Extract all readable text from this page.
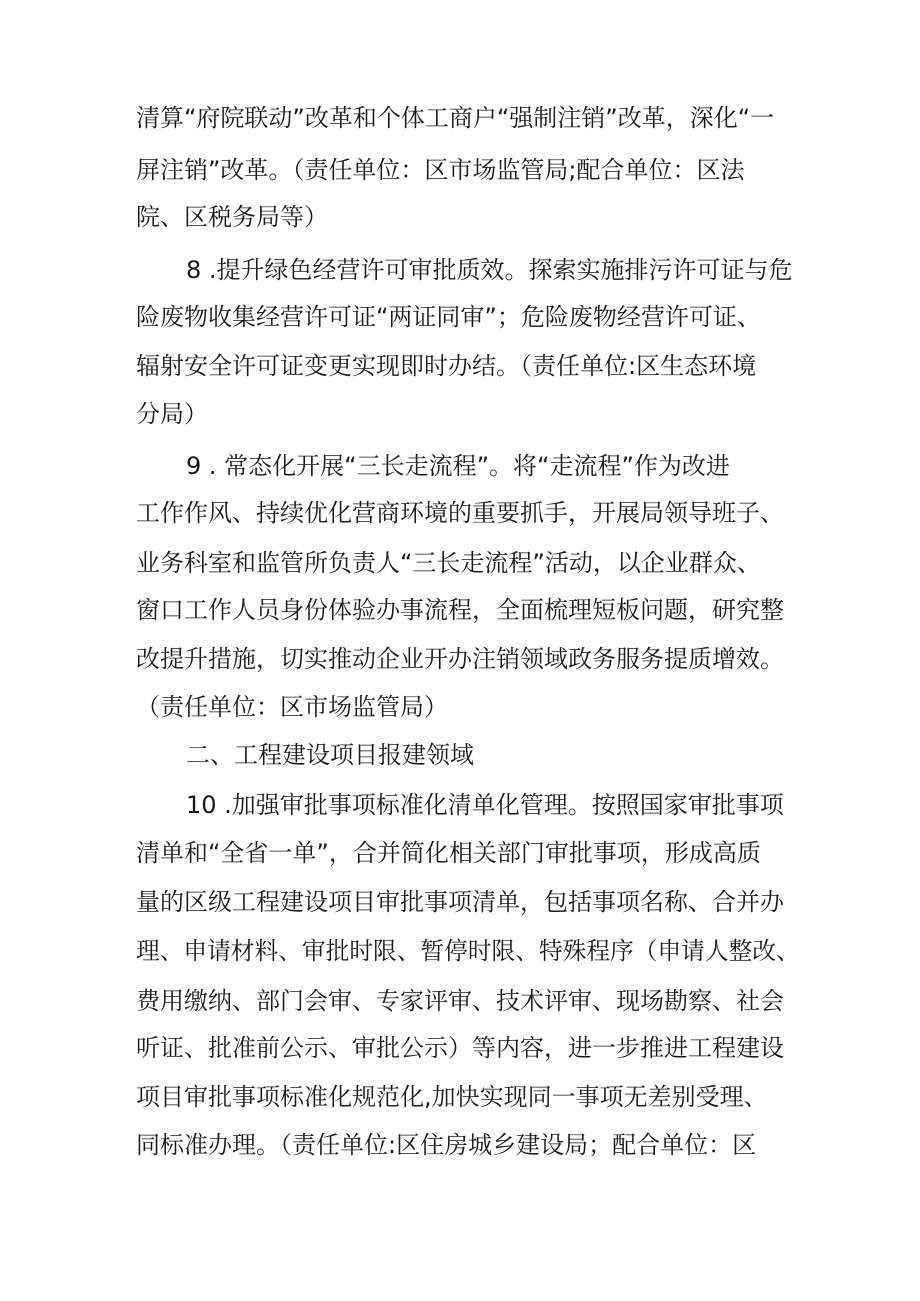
清算“府院联动”改革和个体工商户“强制注销”改革，深化“一
屏注销”改革。（责任单位：区市场监管局;配合单位：区法
院、区税务局等）
8 .提升绿色经营许可审批质效。探索实施排污许可证与危
险废物收集经营许可证“两证同审”；危险废物经营许可证、
辐射安全许可证变更实现即时办结。（责任单位:区生态环境
分局）
9 . 常态化开展“三长走流程”。将“走流程”作为改进
工作作风、持续优化营商环境的重要抓手，开展局领导班子、
业务科室和监管所负责人“三长走流程”活动，以企业群众、
窗口工作人员身份体验办事流程，全面梳理短板问题，研究整
改提升措施，切实推动企业开办注销领域政务服务提质增效。
（责任单位：区市场监管局）
二、工程建设项目报建领域
10 .加强审批事项标准化清单化管理。按照国家审批事项
清单和“全省一单”，合并简化相关部门审批事项，形成高质
量的区级工程建设项目审批事项清单，包括事项名称、合并办
理、申请材料、审批时限、暂停时限、特殊程序（申请人整改、
费用缴纳、部门会审、专家评审、技术评审、现场勘察、社会
听证、批准前公示、审批公示）等内容，进一步推进工程建设
项目审批事项标准化规范化,加快实现同一事项无差别受理、
同标准办理。（责任单位:区住房城乡建设局；配合单位：区
